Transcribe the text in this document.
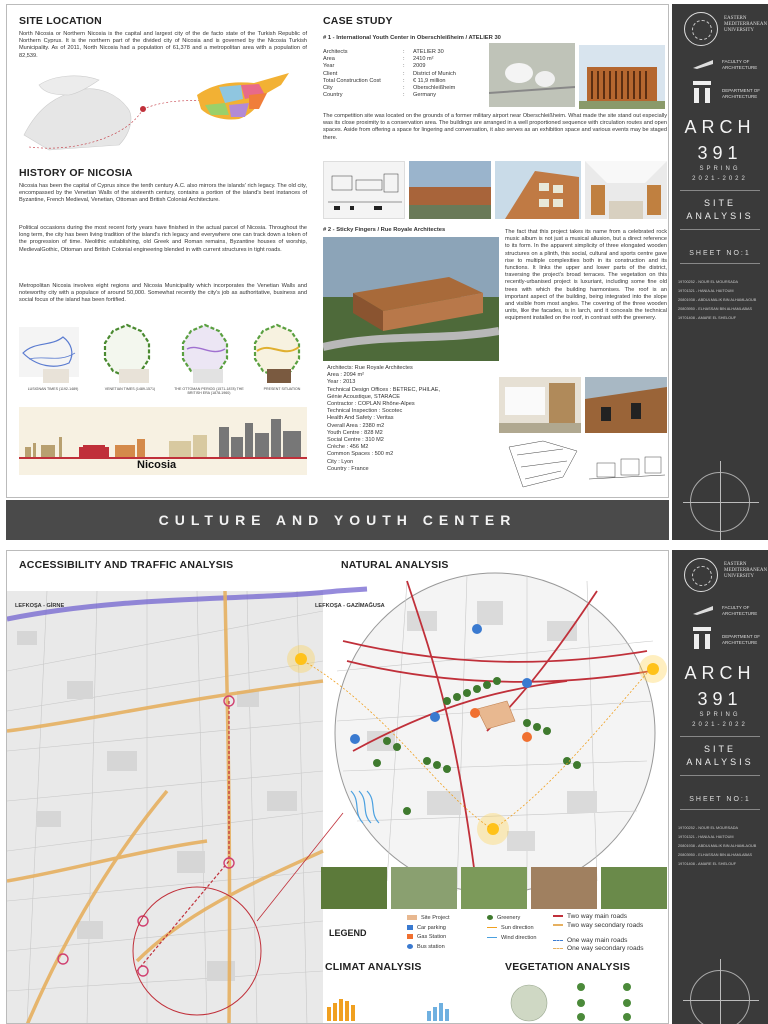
SITE LOCATION
North Nicosia or Northern Nicosia is the capital and largest city of the de facto state of the Turkish Republic of Northern Cyprus. It is the northern part of the divided city of Nicosia and is governed by the Nicosia Turkish Municipality. As of 2011, North Nicosia had a population of 61,378 and a metropolitan area with a population of 82,539.
HISTORY OF NICOSIA
Nicosia has been the capital of Cyprus since the tenth century A.C. also mirrors the islands' rich legacy. The old city, encompassed by the Venetian Walls of the sixteenth century, contains a portion of the island's best instances of Byzantine, French Medieval, Venetian, Ottoman and British Colonial Architecture.
Political occasions during the most recent forty years have finished in the actual parcel of Nicosia. Throughout the long term, the city has been living tradition of the island's rich legacy and everywhere one can track down a token of the progression of time. Neolithic establishing, old Greek and Roman remains, Byzantine houses of worship, MedievalGothic, Ottoman and British Colonial engineering blended in with current structures in tight roads.
Metropolitan Nicosia involves eight regions and Nicosia Municipality which incorporates the Venetian Walls and noteworthy city with a populace of around 50,000. Somewhat recently the city's job as authoritative, business and social focus of the island has been fortified.
LUSIGNAN TIMES (1192-1489)	VENETIAN TIMES (1489-1571)	THE OTTOMAN PERIOD (1571-1878) THE BRITISH ERA (1878-1960)
PRESENT SITUATION
Nicosia
CASE STUDY
# 1 - International Youth Center in Oberschleißheim / ATELIER 30
Architects	:	ATELIER 30
Area	:	2410 m²
Year	:	2009
Client	:	District of Munich
Total Construction Cost	:	€ 11,9 million
City	:	Oberschleißheim
Country	:	Germany
The competition site was located on the grounds of a former military airport near Oberschleißheim. What made the site stand out especially was its close proximity to a conservation area. The buildings are arranged in a well proportioned sequence with circulation routes and open spaces. Aside from offering a space for lingering and conversation, it also serves as an exhibition space and various events may be staged there.
# 2 - Sticky Fingers / Rue Royale Architectes	The fact that this project takes its name from a celebrated rock music album is not just a musical allusion, but a direct reference to its form. In the apparent simplicity of three elongated wooden structures on a plinth, this social, cultural and sports centre gave rise to multiple complexities both in its construction and its functions. It links the upper and lower parts of the district, traversing the project's broad terraces. The vegetation on this recently-urbanised project is luxuriant, including some fine old trees with which the building harmonises. The roof is an important aspect of the building, being integrated into the slope and visible from most angles. The covering of the three wooden units, like the facades, is in larch, and it conceals the technical equipment installed on the roof, in contrast with the greenery.
Architects: Rue Royale Architectes
Area : 2094 m²
Year : 2013
Technical Design Offices : BETREC, PHILAE,
Génie Acoustique, STARACE
Contractor : COPLAN Rhône-Alpes
Technical Inspection : Socotec
Health And Safety : Veritas
Overall Area : 2380 m2
Youth Centre : 828 M2
Social Centre : 310 M2
Crèche : 456 M2
Common Spaces : 500 m2
City : Lyon
Country : France
CULTURE AND YOUTH CENTER
EASTERN MEDITERRANEAN UNIVERSITY
FACULTY OF ARCHITECTURE
DEPARTMENT OF ARCHITECTURE
ARCH
391
SPRING
2021-2022
SITE
ANALYSIS
SHEET NO:1
19700252 - NOUR EL MOURSADA
19701321 - HANIA AL HAITOUM
20801938 - ABDULMALIK BIN ALHAMLAOUB
20803950 - ELHASSAN BIN ALHAMLABAS
19701408 - AMARE EL SHELOUF
ACCESSIBILITY AND TRAFFIC ANALYSIS	NATURAL ANALYSIS
LEFKOŞA - GİRNE	LEFKOŞA - GAZİMAĞUSA
LEGEND
Site Project
Car parking
Gas Station
Bus station
Greenery
Sun direction
Wind direction
Two way main roads
Two way secondary roads
One way main roads
One way secondary roads
CLIMAT ANALYSIS	VEGETATION ANALYSIS
EASTERN MEDITERRANEAN UNIVERSITY
FACULTY OF ARCHITECTURE
DEPARTMENT OF ARCHITECTURE
ARCH
391
SPRING
2021-2022
SITE
ANALYSIS
SHEET NO:1
19700252 - NOUR EL MOURSADA
19701321 - HANIA AL HAITOUM
20801938 - ABDULMALIK BIN ALHAMLAOUB
20803950 - ELHASSAN BIN ALHAMLABAS
19701408 - AMARE EL SHELOUF
